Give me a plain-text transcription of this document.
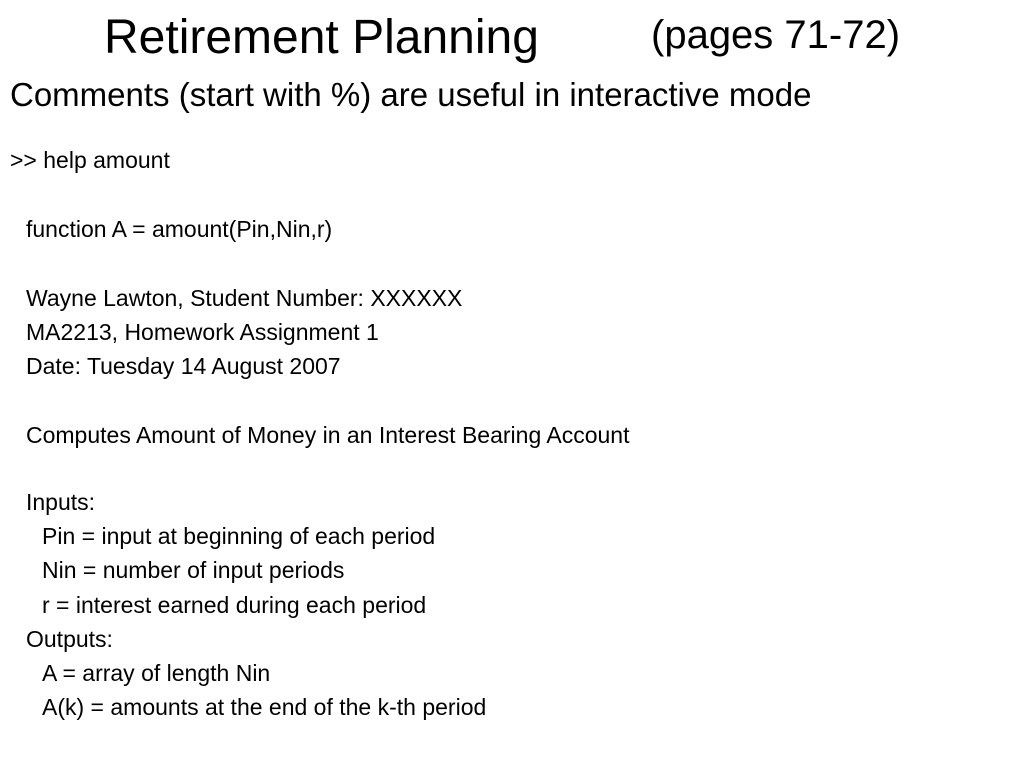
Retirement Planning	(pages 71-72)
Comments (start with %) are useful in interactive mode
>> help amount
function A = amount(Pin,Nin,r)
Wayne Lawton, Student Number: XXXXXX
MA2213, Homework Assignment 1
Date: Tuesday 14 August 2007
Computes Amount of Money in an Interest Bearing Account
Inputs:
Pin = input at beginning of each period
Nin = number of input periods
r = interest earned during each period
Outputs:
A = array of length Nin
A(k) = amounts at the end of the k-th period
